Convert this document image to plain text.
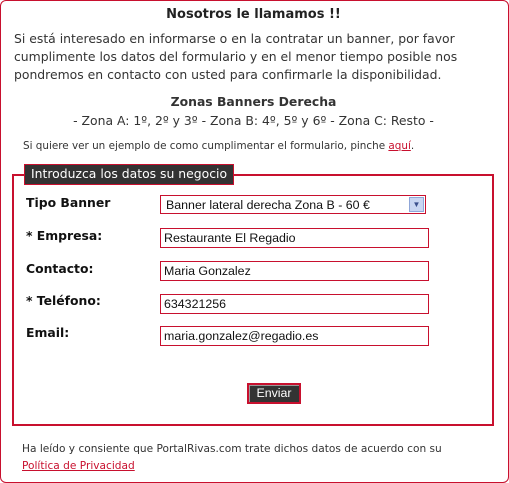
Nosotros le llamamos !!
Si está interesado en informarse o en la contratar un banner, por favor cumplimente los datos del formulario y en el menor tiempo posible nos pondremos en contacto con usted para confirmarle la disponibilidad.
Zonas Banners Derecha
- Zona A: 1º, 2º y 3º - Zona B: 4º, 5º y 6º - Zona C: Resto -
Si quiere ver un ejemplo de como cumplimentar el formulario, pinche aquí.
Introduzca los datos su negocio
Tipo Banner	Banner lateral derecha Zona B - 60 €	▼
* Empresa:	Restaurante El Regadio
Contacto:	Maria Gonzalez
* Teléfono:	634321256
Email:	maria.gonzalez@regadio.es
Enviar
Ha leído y consiente que PortalRivas.com trate dichos datos de acuerdo con su
Política de Privacidad
